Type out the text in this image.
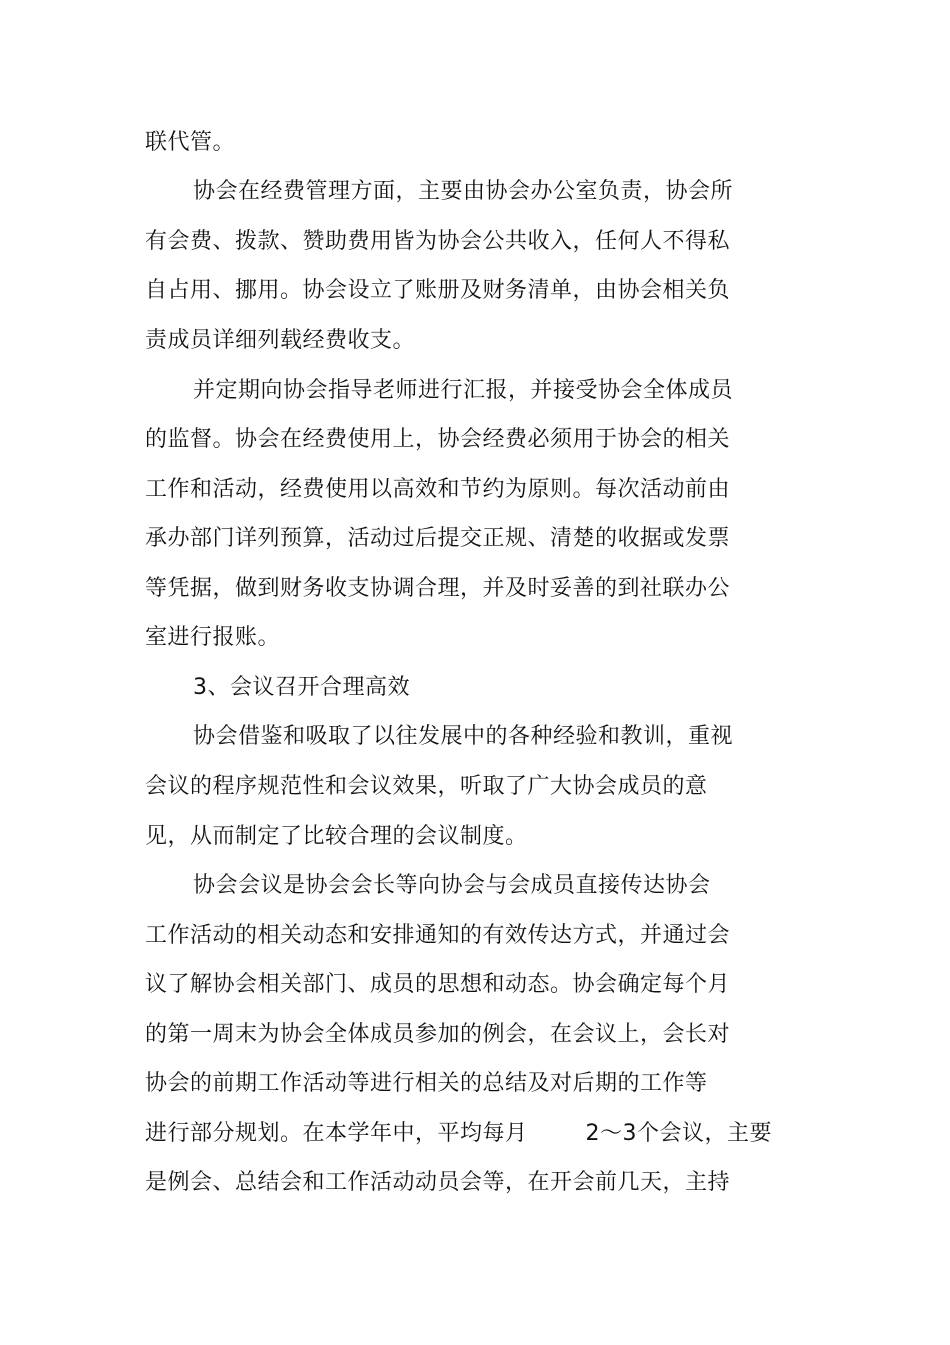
联代管。
协会在经费管理方面，主要由协会办公室负责，协会所
有会费、拨款、赞助费用皆为协会公共收入，任何人不得私
自占用、挪用。协会设立了账册及财务清单，由协会相关负
责成员详细列载经费收支。
并定期向协会指导老师进行汇报，并接受协会全体成员
的监督。协会在经费使用上，协会经费必须用于协会的相关
工作和活动，经费使用以高效和节约为原则。每次活动前由
承办部门详列预算，活动过后提交正规、清楚的收据或发票
等凭据，做到财务收支协调合理，并及时妥善的到社联办公
室进行报账。
3、会议召开合理高效
协会借鉴和吸取了以往发展中的各种经验和教训，重视
会议的程序规范性和会议效果，听取了广大协会成员的意
见，从而制定了比较合理的会议制度。
协会会议是协会会长等向协会与会成员直接传达协会
工作活动的相关动态和安排通知的有效传达方式，并通过会
议了解协会相关部门、成员的思想和动态。协会确定每个月
的第一周末为协会全体成员参加的例会，在会议上，会长对
协会的前期工作活动等进行相关的总结及对后期的工作等
进行部分规划。在本学年中，平均每月	2～3个会议，主要
是例会、总结会和工作活动动员会等，在开会前几天，主持
